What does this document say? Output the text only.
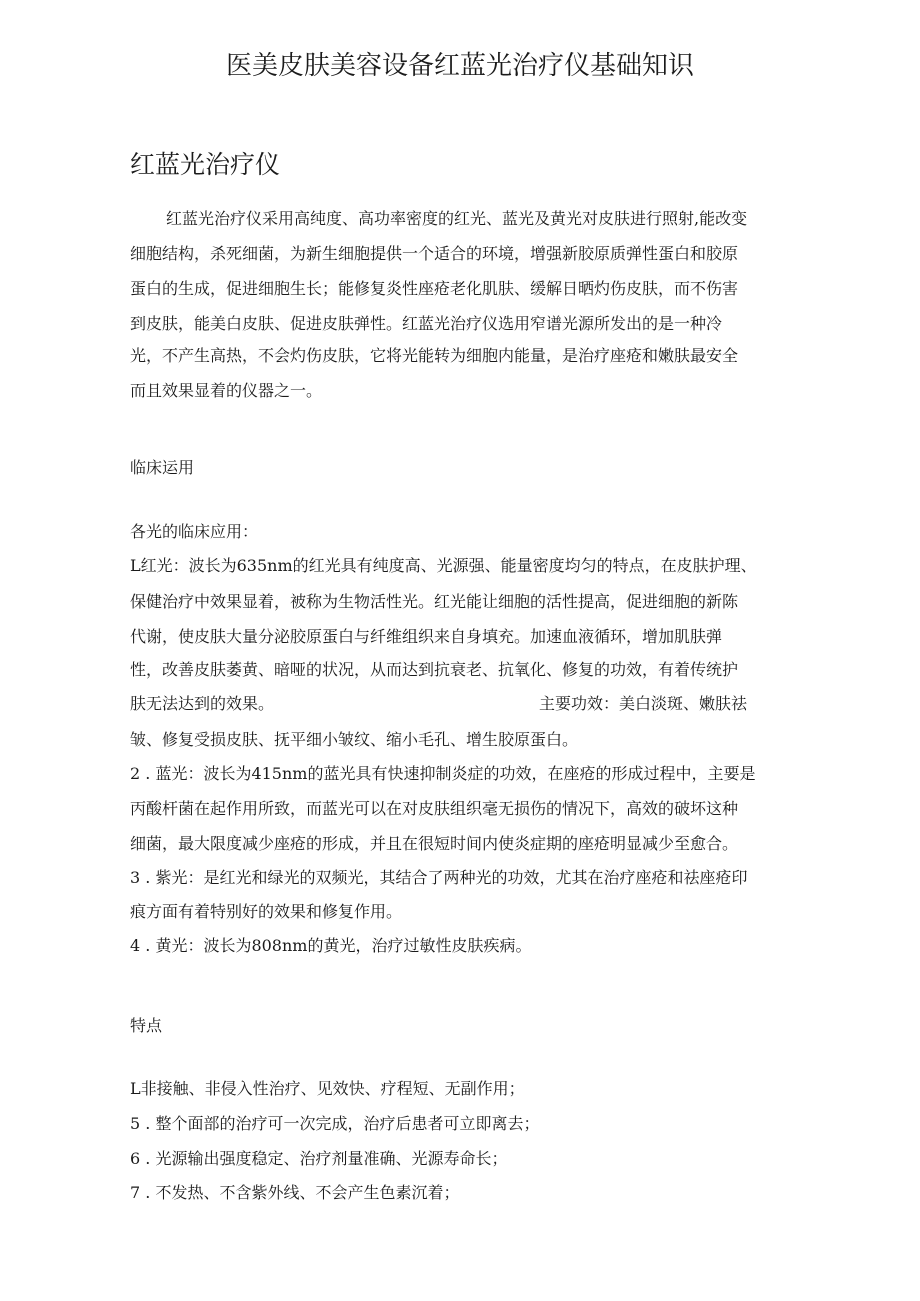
医美皮肤美容设备红蓝光治疗仪基础知识
红蓝光治疗仪
红蓝光治疗仪采用高纯度、高功率密度的红光、蓝光及黄光对皮肤进行照射,能改变
细胞结构，杀死细菌，为新生细胞提供一个适合的环境，增强新胶原质弹性蛋白和胶原
蛋白的生成，促进细胞生长；能修复炎性座疮老化肌肤、缓解日晒灼伤皮肤，而不伤害
到皮肤，能美白皮肤、促进皮肤弹性。红蓝光治疗仪选用窄谱光源所发出的是一种冷
光，不产生高热，不会灼伤皮肤，它将光能转为细胞内能量，是治疗座疮和嫩肤最安全
而且效果显着的仪器之一。
临床运用
各光的临床应用：
L红光：波长为635nm的红光具有纯度高、光源强、能量密度均匀的特点，在皮肤护理、
保健治疗中效果显着，被称为生物活性光。红光能让细胞的活性提高，促进细胞的新陈
代谢，使皮肤大量分泌胶原蛋白与纤维组织来自身填充。加速血液循环，增加肌肤弹
性，改善皮肤萎黄、暗哑的状况，从而达到抗衰老、抗氧化、修复的功效，有着传统护
肤无法达到的效果。	主要功效：美白淡斑、嫩肤祛
皱、修复受损皮肤、抚平细小皱纹、缩小毛孔、增生胶原蛋白。
2 . 蓝光：波长为415nm的蓝光具有快速抑制炎症的功效，在座疮的形成过程中，主要是
丙酸杆菌在起作用所致，而蓝光可以在对皮肤组织毫无损伤的情况下，高效的破坏这种
细菌，最大限度减少座疮的形成，并且在很短时间内使炎症期的座疮明显减少至愈合。
3 . 紫光：是红光和绿光的双频光，其结合了两种光的功效，尤其在治疗座疮和祛座疮印
痕方面有着特别好的效果和修复作用。
4 . 黄光：波长为808nm的黄光，治疗过敏性皮肤疾病。
特点
L非接触、非侵入性治疗、见效快、疗程短、无副作用；
5 . 整个面部的治疗可一次完成，治疗后患者可立即离去；
6 . 光源输出强度稳定、治疗剂量准确、光源寿命长；
7 . 不发热、不含紫外线、不会产生色素沉着；
